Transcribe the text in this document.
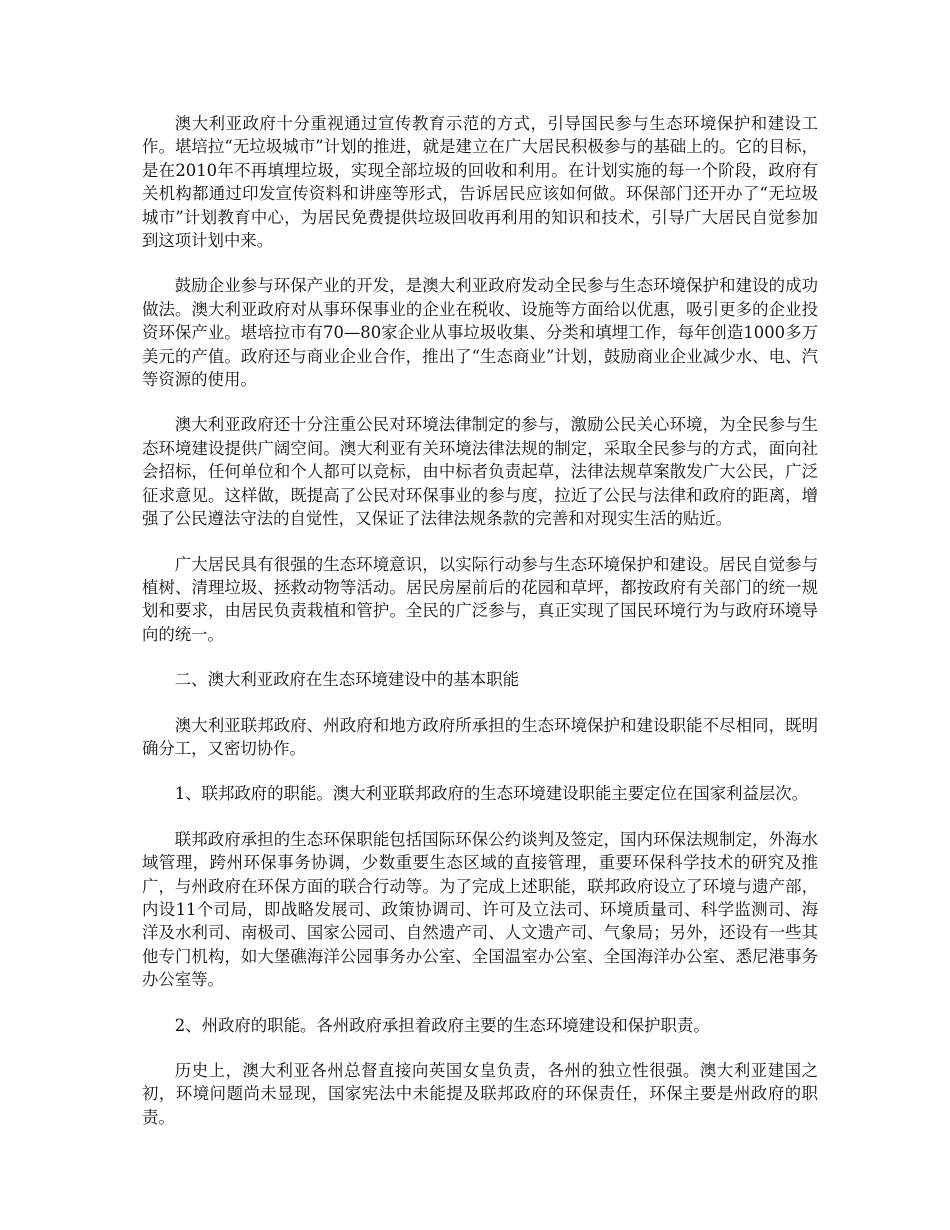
澳大利亚政府十分重视通过宣传教育示范的方式，引导国民参与生态环境保护和建设工作。堪培拉“无垃圾城市”计划的推进，就是建立在广大居民积极参与的基础上的。它的目标，是在2010年不再填埋垃圾，实现全部垃圾的回收和利用。在计划实施的每一个阶段，政府有关机构都通过印发宣传资料和讲座等形式，告诉居民应该如何做。环保部门还开办了“无垃圾城市”计划教育中心，为居民免费提供垃圾回收再利用的知识和技术，引导广大居民自觉参加到这项计划中来。

鼓励企业参与环保产业的开发，是澳大利亚政府发动全民参与生态环境保护和建设的成功做法。澳大利亚政府对从事环保事业的企业在税收、设施等方面给以优惠，吸引更多的企业投资环保产业。堪培拉市有70—80家企业从事垃圾收集、分类和填埋工作，每年创造1000多万美元的产值。政府还与商业企业合作，推出了“生态商业”计划，鼓励商业企业减少水、电、汽等资源的使用。

澳大利亚政府还十分注重公民对环境法律制定的参与，激励公民关心环境，为全民参与生态环境建设提供广阔空间。澳大利亚有关环境法律法规的制定，采取全民参与的方式，面向社会招标，任何单位和个人都可以竞标，由中标者负责起草，法律法规草案散发广大公民，广泛征求意见。这样做，既提高了公民对环保事业的参与度，拉近了公民与法律和政府的距离，增强了公民遵法守法的自觉性，又保证了法律法规条款的完善和对现实生活的贴近。

广大居民具有很强的生态环境意识，以实际行动参与生态环境保护和建设。居民自觉参与植树、清理垃圾、拯救动物等活动。居民房屋前后的花园和草坪，都按政府有关部门的统一规划和要求，由居民负责栽植和管护。全民的广泛参与，真正实现了国民环境行为与政府环境导向的统一。

二、澳大利亚政府在生态环境建设中的基本职能

澳大利亚联邦政府、州政府和地方政府所承担的生态环境保护和建设职能不尽相同，既明确分工，又密切协作。

1、联邦政府的职能。澳大利亚联邦政府的生态环境建设职能主要定位在国家利益层次。

联邦政府承担的生态环保职能包括国际环保公约谈判及签定，国内环保法规制定，外海水域管理，跨州环保事务协调，少数重要生态区域的直接管理，重要环保科学技术的研究及推广，与州政府在环保方面的联合行动等。为了完成上述职能，联邦政府设立了环境与遗产部，内设11个司局，即战略发展司、政策协调司、许可及立法司、环境质量司、科学监测司、海洋及水利司、南极司、国家公园司、自然遗产司、人文遗产司、气象局；另外，还设有一些其他专门机构，如大堡礁海洋公园事务办公室、全国温室办公室、全国海洋办公室、悉尼港事务办公室等。

2、州政府的职能。各州政府承担着政府主要的生态环境建设和保护职责。

历史上，澳大利亚各州总督直接向英国女皇负责，各州的独立性很强。澳大利亚建国之初，环境问题尚未显现，国家宪法中未能提及联邦政府的环保责任，环保主要是州政府的职责。
